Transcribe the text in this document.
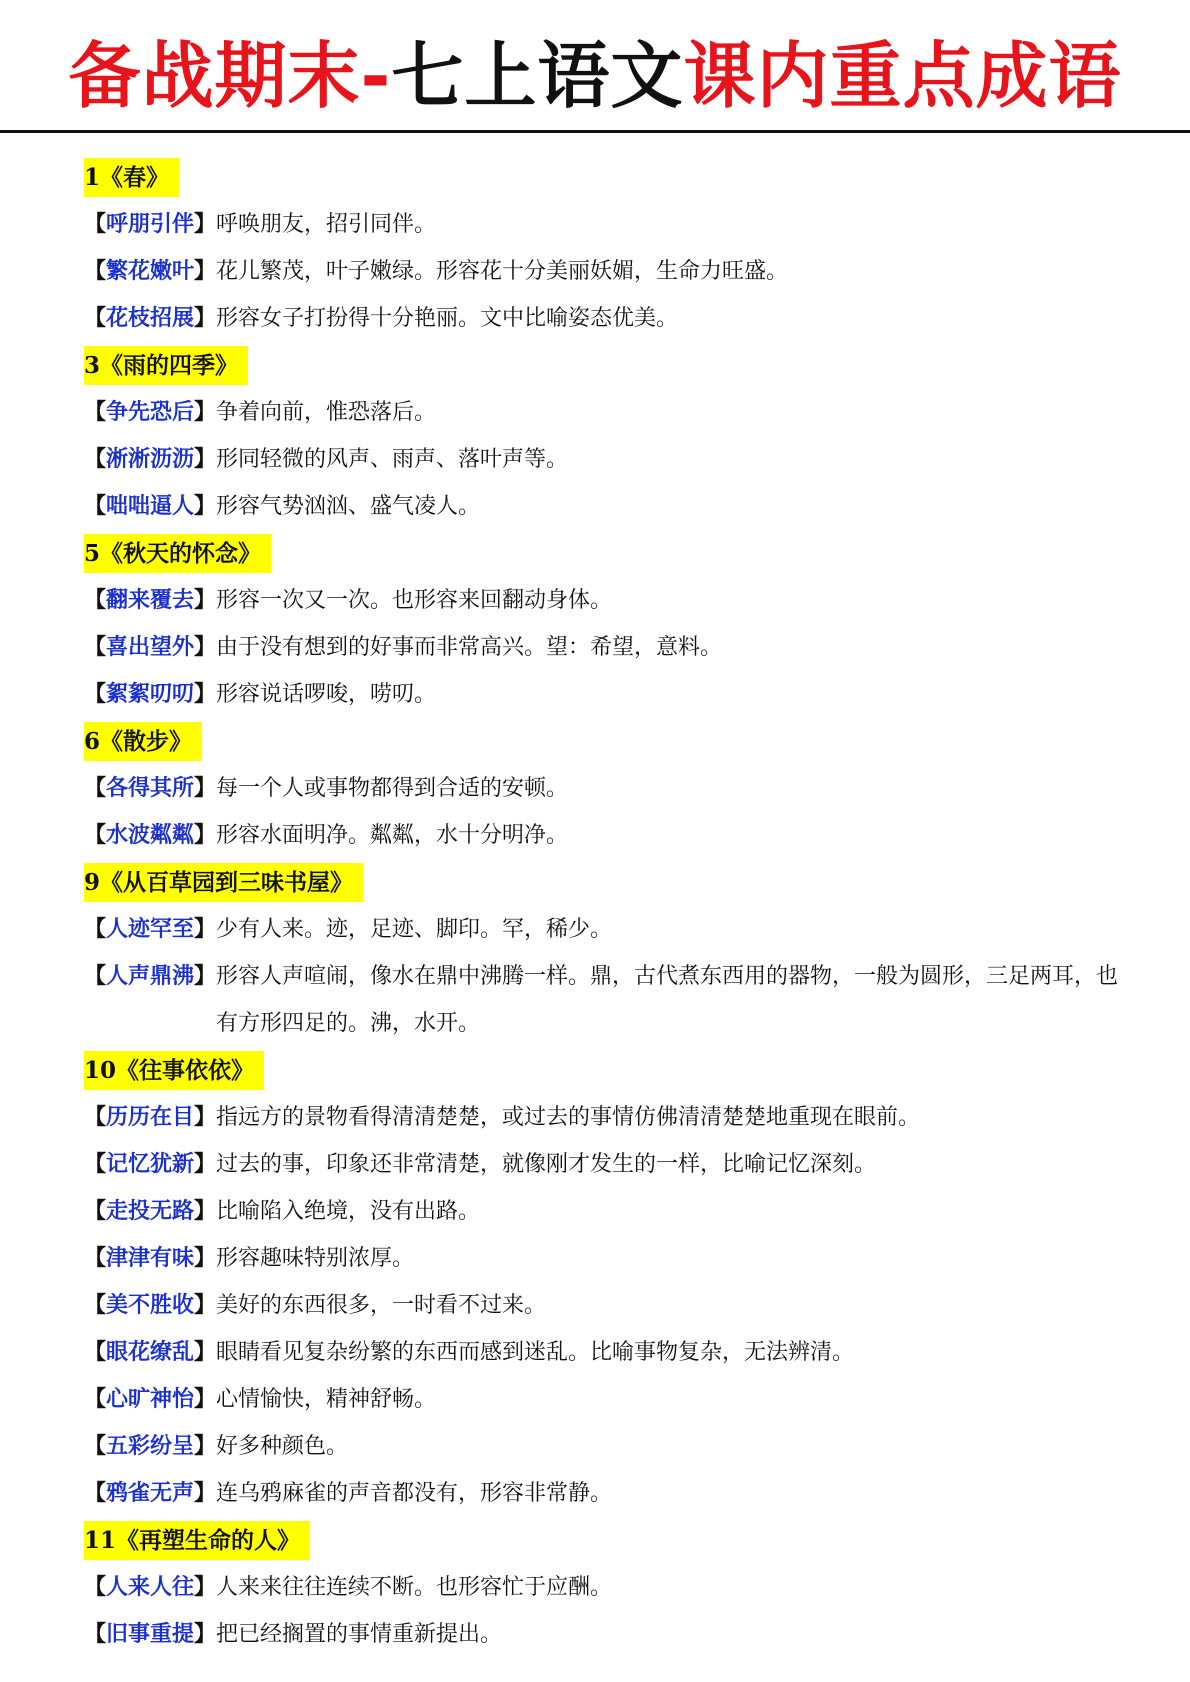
备战期末-七上语文课内重点成语
1《春》
【呼朋引伴】 呼唤朋友，招引同伴。
【繁花嫩叶】 花儿繁茂，叶子嫩绿。形容花十分美丽妖媚，生命力旺盛。
【花枝招展】 形容女子打扮得十分艳丽。文中比喻姿态优美。
3《雨的四季》
【争先恐后】 争着向前，惟恐落后。
【淅淅沥沥】 形同轻微的风声、雨声、落叶声等。
【咄咄逼人】 形容气势汹汹、盛气凌人。
5《秋天的怀念》
【翻来覆去】 形容一次又一次。也形容来回翻动身体。
【喜出望外】 由于没有想到的好事而非常高兴。望：希望，意料。
【絮絮叨叨】 形容说话啰唆，唠叨。
6《散步》
【各得其所】 每一个人或事物都得到合适的安顿。
【水波粼粼】 形容水面明净。粼粼，水十分明净。
9《从百草园到三味书屋》
【人迹罕至】 少有人来。迹，足迹、脚印。罕，稀少。
【人声鼎沸】 形容人声喧闹，像水在鼎中沸腾一样。鼎，古代煮东西用的器物，一般为圆形，三足两耳，也有方形四足的。沸，水开。
10《往事依依》
【历历在目】 指远方的景物看得清清楚楚，或过去的事情仿佛清清楚楚地重现在眼前。
【记忆犹新】 过去的事，印象还非常清楚，就像刚才发生的一样，比喻记忆深刻。
【走投无路】 比喻陷入绝境，没有出路。
【津津有味】 形容趣味特别浓厚。
【美不胜收】 美好的东西很多，一时看不过来。
【眼花缭乱】 眼睛看见复杂纷繁的东西而感到迷乱。比喻事物复杂，无法辨清。
【心旷神怡】 心情愉快，精神舒畅。
【五彩纷呈】 好多种颜色。
【鸦雀无声】 连乌鸦麻雀的声音都没有，形容非常静。
11《再塑生命的人》
【人来人往】 人来来往往连续不断。也形容忙于应酬。
【旧事重提】 把已经搁置的事情重新提出。
